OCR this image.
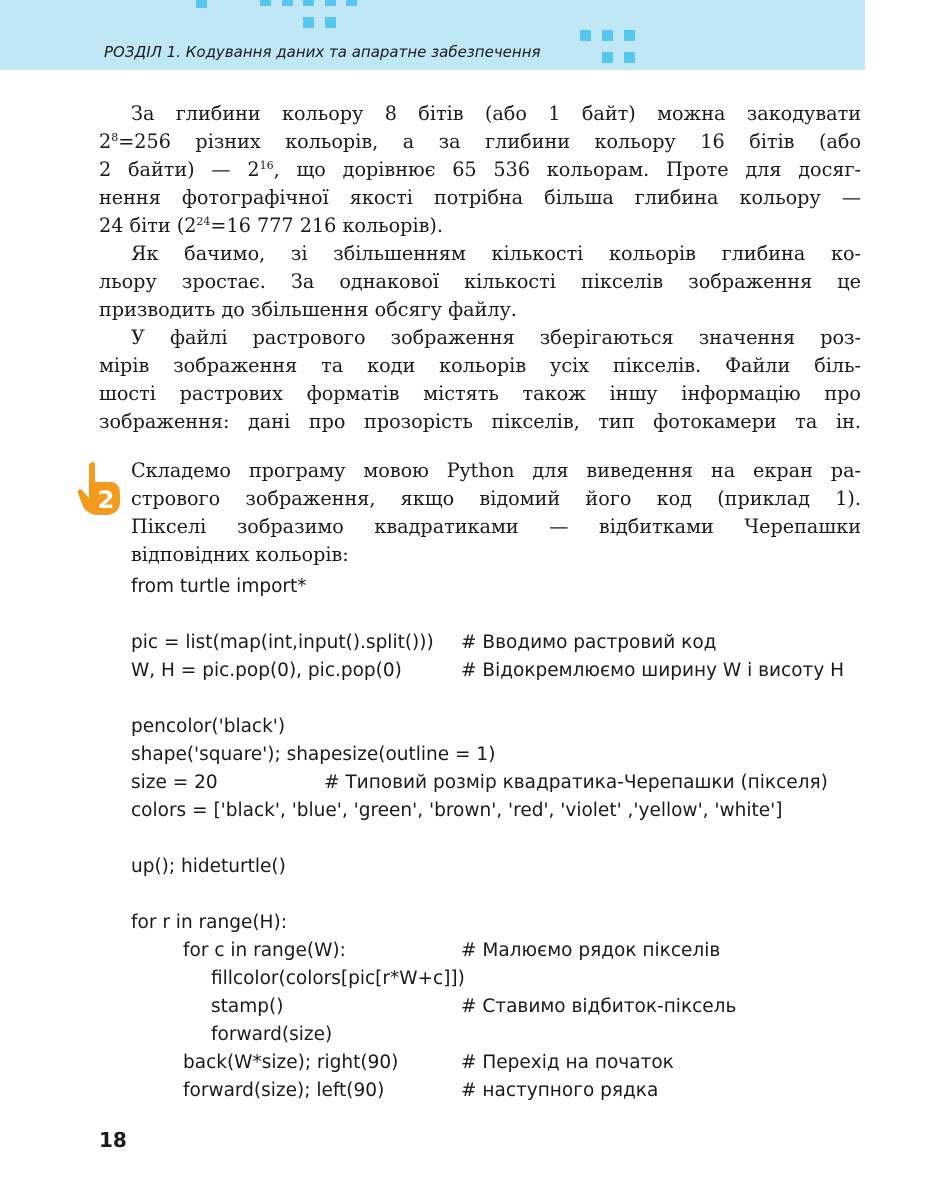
РОЗДІЛ 1. Кодування даних та апаратне забезпечення
За глибини кольору 8 бітів (або 1 байт) можна закодувати
$2^8=256$ різних кольорів, а за глибини кольору 16 бітів (або
2 байти) — $2^{16}$, що дорівнює 65 536 кольорам. Проте для досяг-
нення фотографічної якості потрібна більша глибина кольору —
24 біти ($2^{24}=16$ 777 216 кольорів).
Як бачимо, зі збільшенням кількості кольорів глибина ко-
льору зростає. За однакової кількості пікселів зображення це
призводить до збільшення обсягу файлу.
У файлі растрового зображення зберігаються значення роз-
мірів зображення та коди кольорів усіх пікселів. Файли біль-
шості растрових форматів містять також іншу інформацію про
зображення: дані про прозорість пікселів, тип фотокамери та ін.
2
Складемо програму мовою Python для виведення на екран ра-
стрового зображення, якщо відомий його код (приклад 1).
Пікселі зобразимо квадратиками — відбитками Черепашки
відповідних кольорів:
from turtle import*
pic = list(map(int,input().split())) # Вводимо растровий код
W, H = pic.pop(0), pic.pop(0)	# Відокремлюємо ширину W і висоту H
pencolor('black')
shape('square'); shapesize(outline = 1)
size = 20	# Типовий розмір квадратика-Черепашки (пікселя)
colors = ['black', 'blue', 'green', 'brown', 'red', 'violet' ,'yellow', 'white']
up(); hideturtle()
for r in range(H):
for c in range(W):	# Малюємо рядок пікселів
fillcolor(colors[pic[r*W+c]])
stamp()	# Ставимо відбиток-піксель
forward(size)
back(W*size); right(90)	# Перехід на початок
forward(size); left(90)	# наступного рядка
18
